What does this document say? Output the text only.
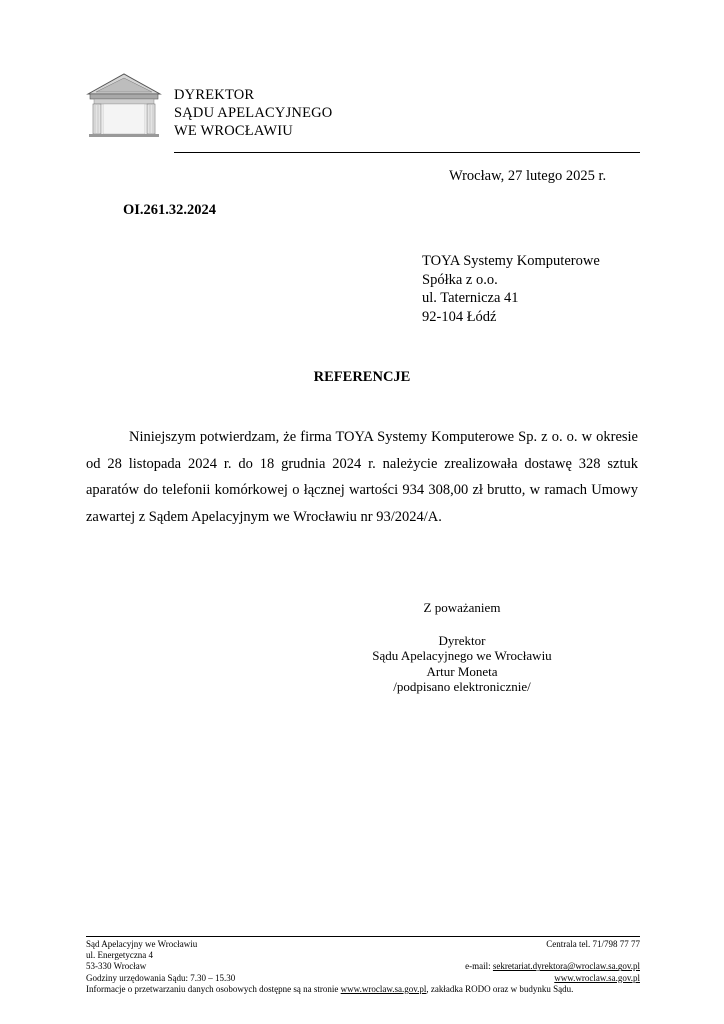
DYREKTOR
SĄDU APELACYJNEGO
WE WROCŁAWIU
Wrocław, 27 lutego 2025 r.
OI.261.32.2024
TOYA Systemy Komputerowe
Spółka z o.o.
ul. Taternicza 41
92-104 Łódź
REFERENCJE
Niniejszym potwierdzam, że firma TOYA Systemy Komputerowe Sp. z o. o. w okresie od 28 listopada 2024 r. do 18 grudnia 2024 r. należycie zrealizowała dostawę 328 sztuk aparatów do telefonii komórkowej o łącznej wartości 934 308,00 zł brutto, w ramach Umowy zawartej z Sądem Apelacyjnym we Wrocławiu nr 93/2024/A.
Z poważaniem
Dyrektor
Sądu Apelacyjnego we Wrocławiu
Artur Moneta
/podpisano elektronicznie/
Sąd Apelacyjny we Wrocławiu	Centrala tel. 71/798 77 77
ul. Energetyczna 4
53-330 Wrocław	e-mail: sekretariat.dyrektora@wroclaw.sa.gov.pl
Godziny urzędowania Sądu: 7.30 – 15.30	www.wroclaw.sa.gov.pl
Informacje o przetwarzaniu danych osobowych dostępne są na stronie www.wroclaw.sa.gov.pl, zakładka RODO oraz w budynku Sądu.
